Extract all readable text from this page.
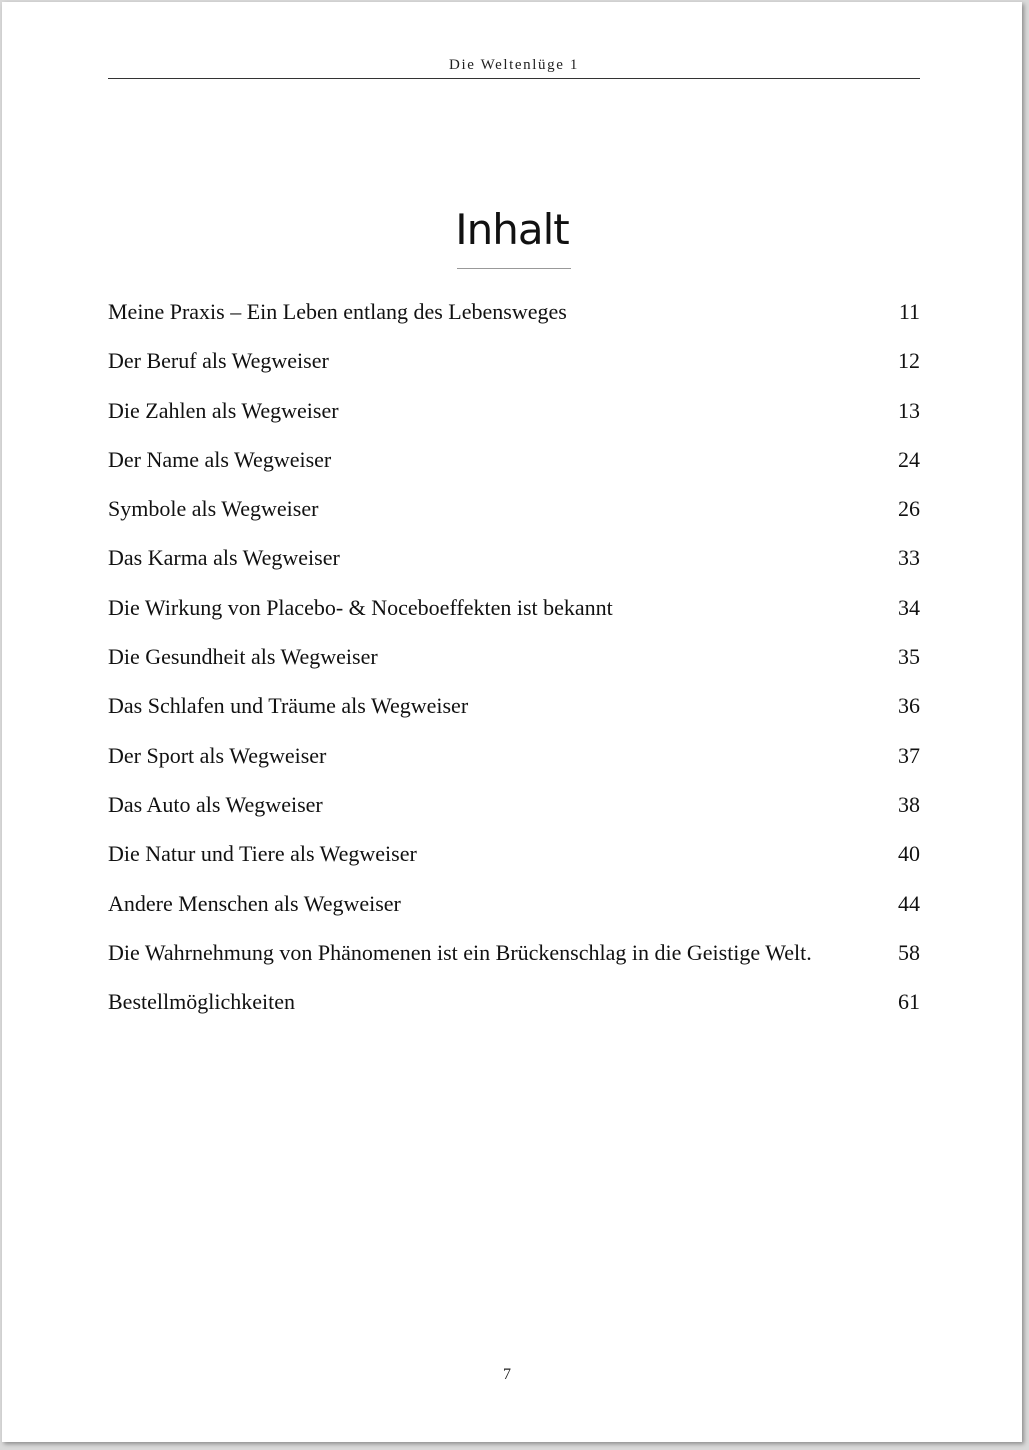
Die Weltenlüge 1
Inhalt
Meine Praxis – Ein Leben entlang des Lebensweges	11
Der Beruf als Wegweiser	12
Die Zahlen als Wegweiser	13
Der Name als Wegweiser	24
Symbole als Wegweiser	26
Das Karma als Wegweiser	33
Die Wirkung von Placebo- & Noceboeffekten ist bekannt	34
Die Gesundheit als Wegweiser	35
Das Schlafen und Träume als Wegweiser	36
Der Sport als Wegweiser	37
Das Auto als Wegweiser	38
Die Natur und Tiere als Wegweiser	40
Andere Menschen als Wegweiser	44
Die Wahrnehmung von Phänomenen ist ein Brückenschlag in die Geistige Welt.	58
Bestellmöglichkeiten	61
7
